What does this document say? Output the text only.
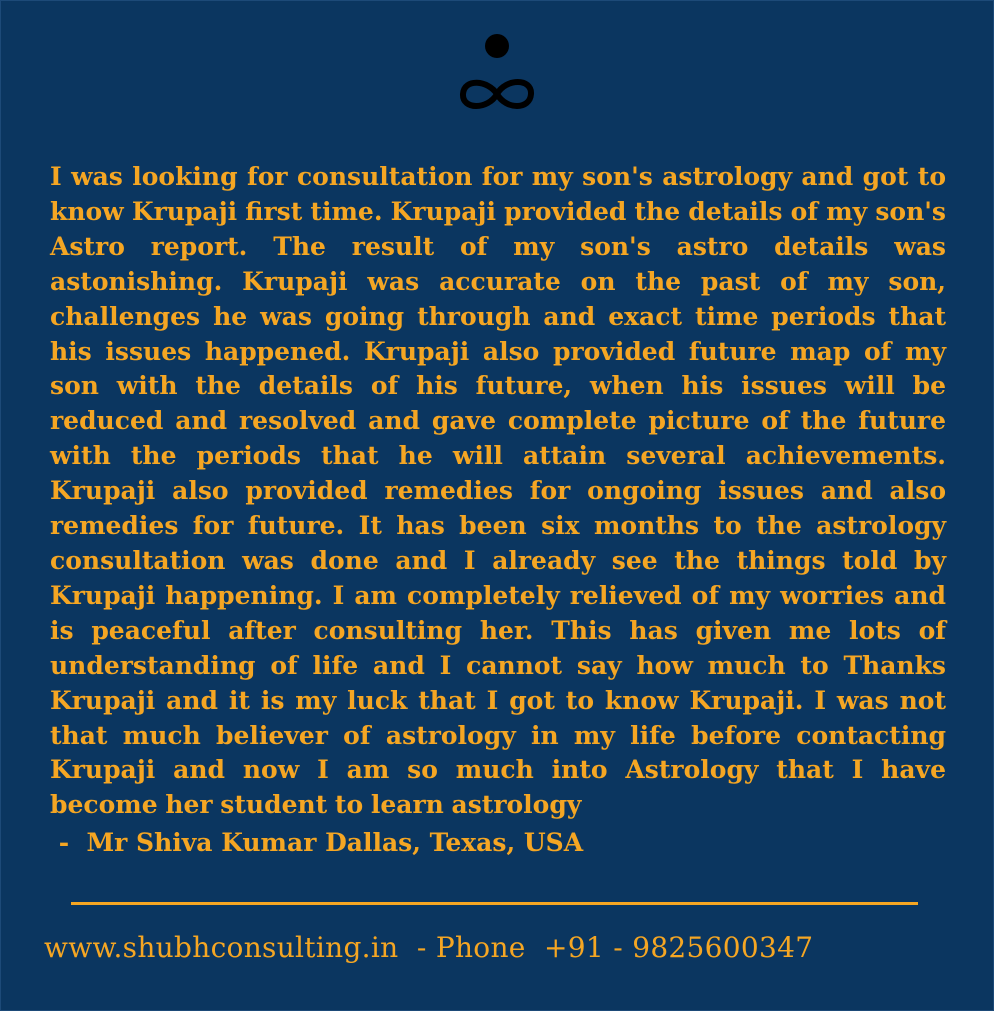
I was looking for consultation for my son's astrology and got to know Krupaji first time. Krupaji provided the details of my son's Astro report. The result of my son's astro details was astonishing. Krupaji was accurate on the past of my son, challenges he was going through and exact time periods that his issues happened. Krupaji also provided future map of my son with the details of his future, when his issues will be reduced and resolved and gave complete picture of the future with the periods that he will attain several achievements. Krupaji also provided remedies for ongoing issues and also remedies for future. It has been six months to the astrology consultation was done and I already see the things told by Krupaji happening. I am completely relieved of my worries and is peaceful after consulting her. This has given me lots of understanding of life and I cannot say how much to Thanks Krupaji and it is my luck that I got to know Krupaji. I was not that much believer of astrology in my life before contacting Krupaji and now I am so much into Astrology that I have become her student to learn astrology
-  Mr Shiva Kumar Dallas, Texas, USA
www.shubhconsulting.in  - Phone  +91 - 9825600347
